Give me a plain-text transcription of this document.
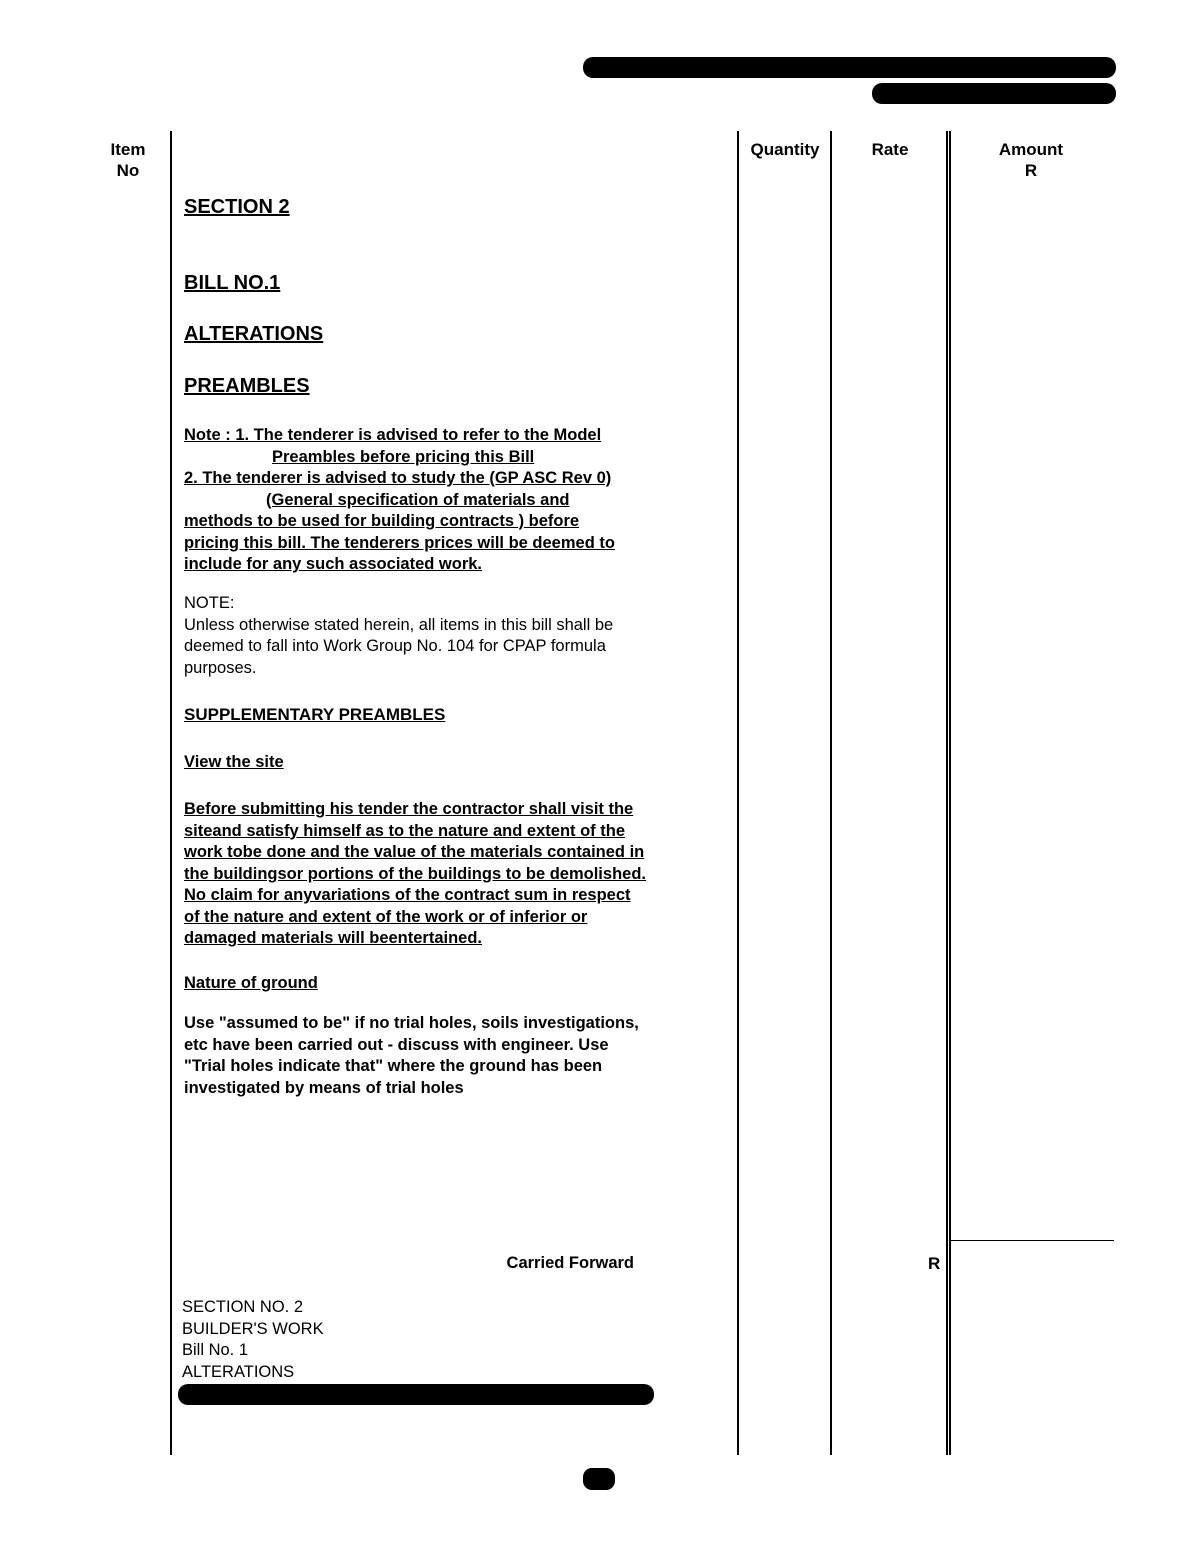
Item
No
Quantity	Rate	Amount
R
SECTION 2
BILL NO.1
ALTERATIONS
PREAMBLES
Note : 1. The tenderer is advised to refer to the Model
Preambles before pricing this Bill
2. The tenderer is advised to study the (GP ASC Rev 0)
(General specification of materials and
methods to be used for building contracts ) before
pricing this bill. The tenderers prices will be deemed to
include for any such associated work.
NOTE:
Unless otherwise stated herein, all items in this bill shall be deemed to fall into Work Group No. 104 for CPAP formula purposes.
SUPPLEMENTARY PREAMBLES
View the site
Before submitting his tender the contractor shall visit the siteand satisfy himself as to the nature and extent of the work tobe done and the value of the materials contained in the buildingsor portions of the buildings to be demolished. No claim for anyvariations of the contract sum in respect of the nature and extent of the work or of inferior or damaged materials will beentertained.
Nature of ground
Use "assumed to be" if no trial holes, soils investigations, etc have been carried out - discuss with engineer. Use "Trial holes indicate that" where the ground has been investigated by means of trial holes
Carried Forward	R
SECTION NO. 2
BUILDER'S WORK
Bill No. 1
ALTERATIONS
